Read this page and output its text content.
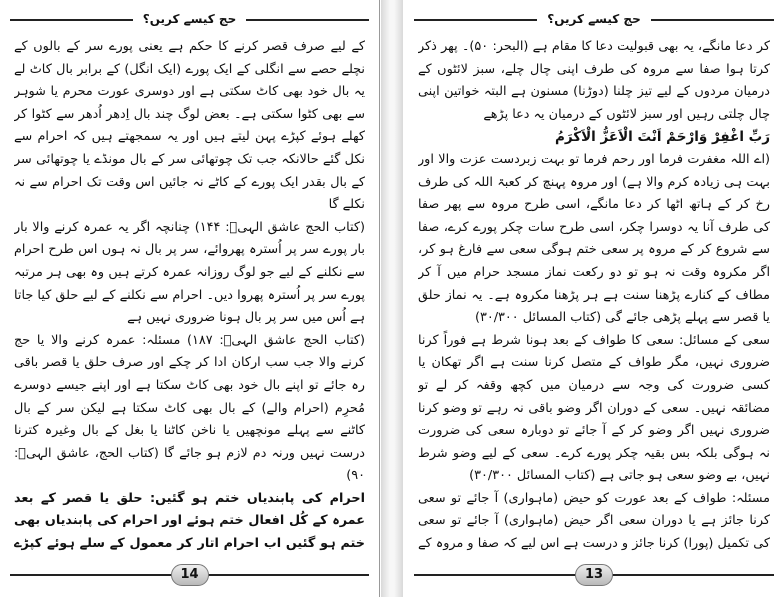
حج کیسے کریں؟

کے لیے صرف قصر کرنے کا حکم ہے یعنی پورے سر کے بالوں کے نچلے حصے سے انگلی کے ایک پورے (ایک انگل) کے برابر بال کاٹ لے یہ بال خود بھی کاٹ سکتی ہے اور دوسری عورت محرم یا شوہر سے بھی کٹوا سکتی ہے۔ بعض لوگ چند بال اِدھر اُدھر سے کٹوا کر کھلے ہوئے کپڑے پہن لیتے ہیں اور یہ سمجھتے ہیں کہ احرام سے نکل گئے حالانکہ جب تک چوتھائی سر کے بال مونڈے یا چوتھائی سر کے بال بقدر ایک پورے کے کاٹے نہ جائیں اس وقت تک احرام سے نہ نکلے گا

(کتاب الحج عاشق الہیؒ: ۱۴۴) چنانچہ اگر یہ عمرہ کرنے والا بار بار پورے سر پر اُسترہ پھروائے، سر پر بال نہ ہوں اس طرح احرام سے نکلنے کے لیے جو لوگ روزانہ عمرہ کرتے ہیں وہ بھی ہر مرتبہ پورے سر پر اُسترہ پھروا دیں۔ احرام سے نکلنے کے لیے حلق کیا جاتا ہے اُس میں سر پر بال ہونا ضروری نہیں ہے

(کتاب الحج عاشق الہیؒ: ۱۸۷) مسئلہ: عمرہ کرنے والا یا حج کرنے والا جب سب ارکان ادا کر چکے اور صرف حلق یا قصر باقی رہ جائے تو اپنے بال خود بھی کاٹ سکتا ہے اور اپنے جیسے دوسرے مُحرِم (احرام والے) کے بال بھی کاٹ سکتا ہے لیکن سر کے بال کاٹنے سے پہلے مونچھیں یا ناخن کاٹنا یا بغل کے بال وغیرہ کترنا درست نہیں ورنہ دم لازم ہو جائے گا (کتاب الحج، عاشق الہیؒ: ۹۰)

احرام کی پابندیاں ختم ہو گئیں: حلق یا قصر کے بعد عمرہ کے کُل افعال ختم ہوئے اور احرام کی پابندیاں بھی ختم ہو گئیں اب احرام اتار کر معمول کے سلے ہوئے کپڑے

14
حج کیسے کریں؟

کر دعا مانگے، یہ بھی قبولیت دعا کا مقام ہے (البحر: ۵۰)۔ پھر ذکر کرتا ہوا صفا سے مروہ کی طرف اپنی چال چلے، سبز لائٹوں کے درمیان مردوں کے لیے تیز چلنا (دوڑنا) مسنون ہے البتہ خواتین اپنی چال چلتی رہیں اور سبز لائٹوں کے درمیان یہ دعا پڑھے

رَبِّ اغْفِرْ وَارْحَمْ اَنْتَ الْاَعَزُّ الْاَکْرَمُ

(اے اللہ مغفرت فرما اور رحم فرما تو بہت زبردست عزت والا اور بہت ہی زیادہ کرم والا ہے) اور مروہ پہنچ کر کعبۃ اللہ کی طرف رخ کر کے ہاتھ اٹھا کر دعا مانگے، اسی طرح مروہ سے پھر صفا کی طرف آنا یہ دوسرا چکر، اسی طرح سات چکر پورے کرے، صفا سے شروع کر کے مروہ پر سعی ختم ہوگی سعی سے فارغ ہو کر، اگر مکروہ وقت نہ ہو تو دو رکعت نماز مسجد حرام میں آ کر مطاف کے کنارے پڑھنا سنت ہے ہر پڑھنا مکروہ ہے۔ یہ نماز حلق یا قصر سے پہلے پڑھی جائے گی (کتاب المسائل ۳۰/۳۰۰)

سعی کے مسائل: سعی کا طواف کے بعد ہونا شرط ہے فوراً کرنا ضروری نہیں، مگر طواف کے متصل کرنا سنت ہے اگر تھکان یا کسی ضرورت کی وجہ سے درمیان میں کچھ وقفہ کر لے تو مضائقہ نہیں۔ سعی کے دوران اگر وضو باقی نہ رہے تو وضو کرنا ضروری نہیں اگر وضو کر کے آ جائے تو دوبارہ سعی کی ضرورت نہ ہوگی بلکہ بس بقیہ چکر پورے کرے۔ سعی کے لیے وضو شرط نہیں، بے وضو سعی ہو جاتی ہے (کتاب المسائل ۳۰/۳۰۰)

مسئلہ: طواف کے بعد عورت کو حیض (ماہواری) آ جائے تو سعی کرنا جائز ہے یا دوران سعی اگر حیض (ماہواری) آ جائے تو سعی کی تکمیل (پورا) کرنا جائز و درست ہے اس لیے کہ صفا و مروہ کے

13
